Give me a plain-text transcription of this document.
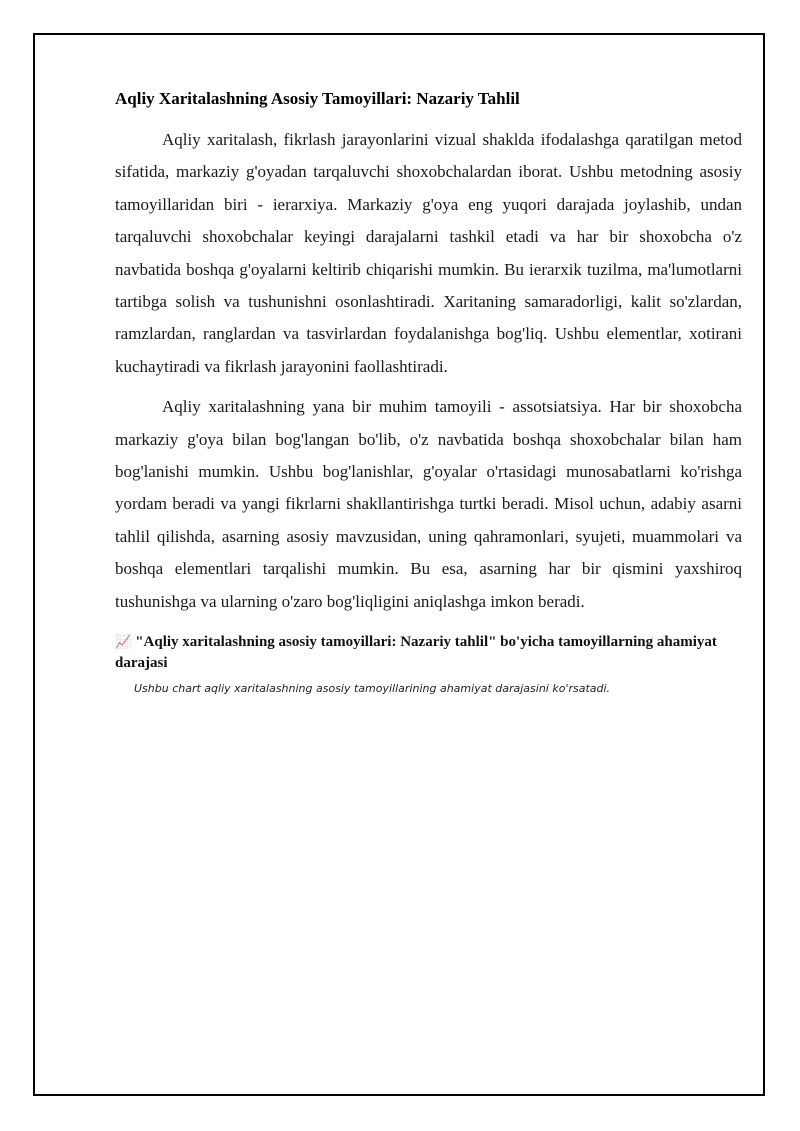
Aqliy Xaritalashning Asosiy Tamoyillari: Nazariy Tahlil

Aqliy xaritalash, fikrlash jarayonlarini vizual shaklda ifodalashga qaratilgan metod sifatida, markaziy g'oyadan tarqaluvchi shoxobchalardan iborat. Ushbu metodning asosiy tamoyillaridan biri - ierarxiya. Markaziy g'oya eng yuqori darajada joylashib, undan tarqaluvchi shoxobchalar keyingi darajalarni tashkil etadi va har bir shoxobcha o'z navbatida boshqa g'oyalarni keltirib chiqarishi mumkin. Bu ierarxik tuzilma, ma'lumotlarni tartibga solish va tushunishni osonlashtiradi. Xaritaning samaradorligi, kalit so'zlardan, ramzlardan, ranglardan va tasvirlardan foydalanishga bog'liq. Ushbu elementlar, xotirani kuchaytiradi va fikrlash jarayonini faollashtiradi.

Aqliy xaritalashning yana bir muhim tamoyili - assotsiatsiya. Har bir shoxobcha markaziy g'oya bilan bog'langan bo'lib, o'z navbatida boshqa shoxobchalar bilan ham bog'lanishi mumkin. Ushbu bog'lanishlar, g'oyalar o'rtasidagi munosabatlarni ko'rishga yordam beradi va yangi fikrlarni shakllantirishga turtki beradi. Misol uchun, adabiy asarni tahlil qilishda, asarning asosiy mavzusidan, uning qahramonlari, syujeti, muammolari va boshqa elementlari tarqalishi mumkin. Bu esa, asarning har bir qismini yaxshiroq tushunishga va ularning o'zaro bog'liqligini aniqlashga imkon beradi.

📈 "Aqliy xaritalashning asosiy tamoyillari: Nazariy tahlil" bo'yicha tamoyillarning ahamiyat darajasi

Ushbu chart aqliy xaritalashning asosiy tamoyillarining ahamiyat darajasini ko'rsatadi.
